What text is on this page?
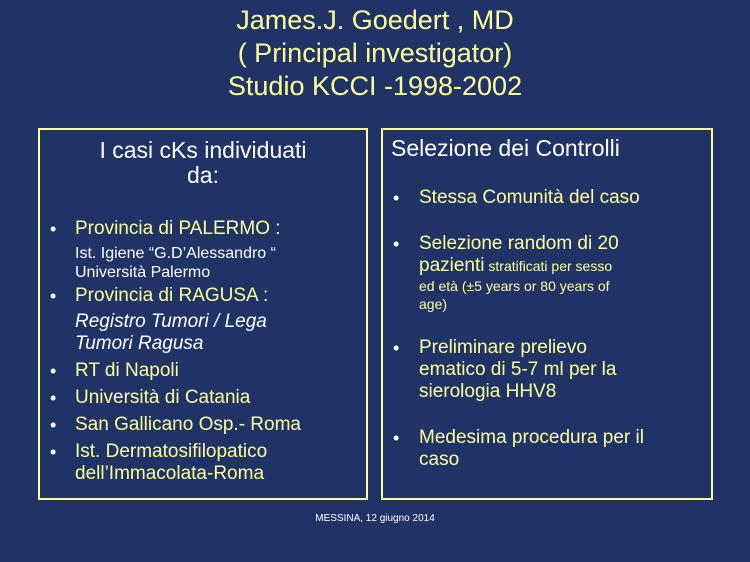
James.J. Goedert , MD
( Principal investigator)
Studio KCCI -1998-2002
I casi cKs individuati
da:
• Provincia di PALERMO :
Ist. Igiene “G.D’Alessandro “
Università Palermo
• Provincia di RAGUSA :
Registro Tumori / Lega
Tumori Ragusa
• RT di Napoli
• Università di Catania
• San Gallicano Osp.- Roma
• Ist. Dermatosifilopatico
dell’Immacolata-Roma
Selezione dei Controlli
• Stessa Comunità del caso
• Selezione random di 20
pazienti stratificati per sesso
ed età (±5 years or 80 years of
age)
• Preliminare prelievo
ematico di 5-7 ml per la
sierologia HHV8
• Medesima procedura per il
caso
MESSINA, 12 giugno 2014
